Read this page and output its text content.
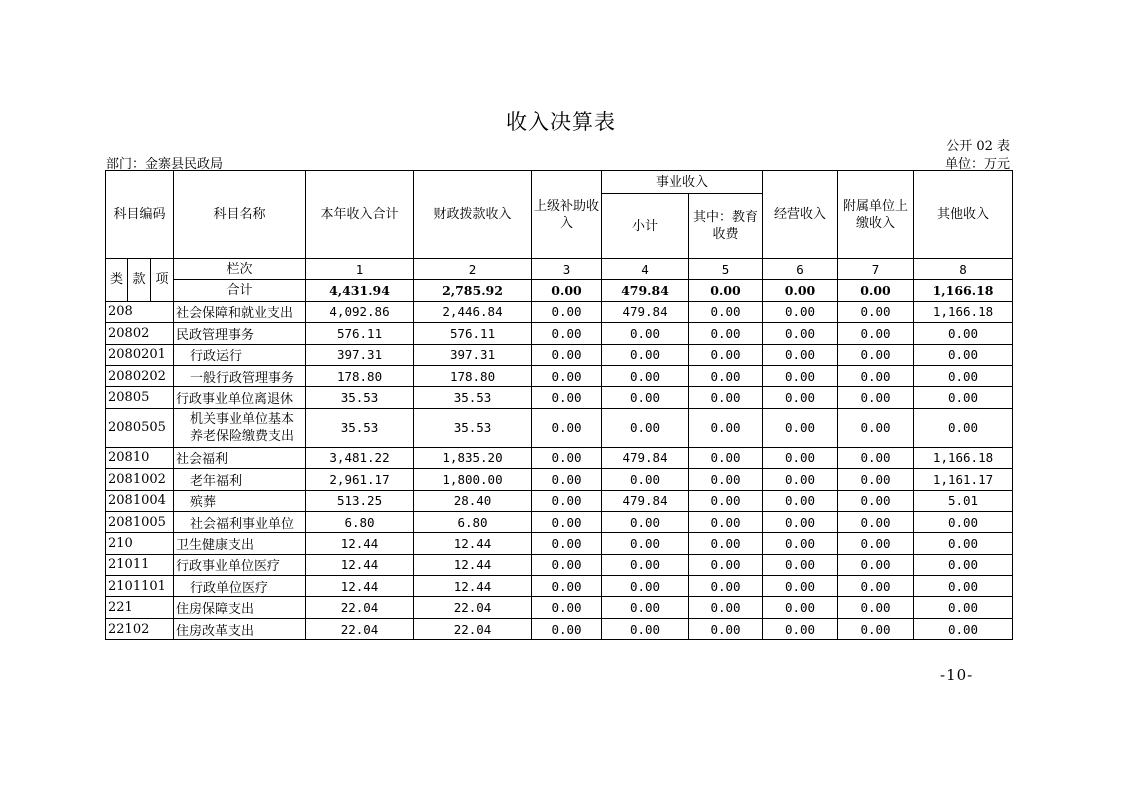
收入决算表
公开 02 表
部门：金寨县民政局	单位：万元
科目编码			科目名称	本年收入合计	财政拨款收入	上级补助收入	事业收入		经营收入	附属单位上缴收入	其他收入
							小计	其中：教育收费			
类	款	项	栏次	1	2	3	4	5	6	7	8
			合计	4,431.94	2,785.92	0.00	479.84	0.00	0.00	0.00	1,166.18
208			社会保障和就业支出	4,092.86	2,446.84	0.00	479.84	0.00	0.00	0.00	1,166.18
20802			民政管理事务	576.11	576.11	0.00	0.00	0.00	0.00	0.00	0.00
2080201			行政运行	397.31	397.31	0.00	0.00	0.00	0.00	0.00	0.00
2080202			一般行政管理事务	178.80	178.80	0.00	0.00	0.00	0.00	0.00	0.00
20805			行政事业单位离退休	35.53	35.53	0.00	0.00	0.00	0.00	0.00	0.00
2080505			机关事业单位基本养老保险缴费支出	35.53	35.53	0.00	0.00	0.00	0.00	0.00	0.00
20810			社会福利	3,481.22	1,835.20	0.00	479.84	0.00	0.00	0.00	1,166.18
2081002			老年福利	2,961.17	1,800.00	0.00	0.00	0.00	0.00	0.00	1,161.17
2081004			殡葬	513.25	28.40	0.00	479.84	0.00	0.00	0.00	5.01
2081005			社会福利事业单位	6.80	6.80	0.00	0.00	0.00	0.00	0.00	0.00
210			卫生健康支出	12.44	12.44	0.00	0.00	0.00	0.00	0.00	0.00
21011			行政事业单位医疗	12.44	12.44	0.00	0.00	0.00	0.00	0.00	0.00
2101101			行政单位医疗	12.44	12.44	0.00	0.00	0.00	0.00	0.00	0.00
221			住房保障支出	22.04	22.04	0.00	0.00	0.00	0.00	0.00	0.00
22102			住房改革支出	22.04	22.04	0.00	0.00	0.00	0.00	0.00	0.00
-10-
